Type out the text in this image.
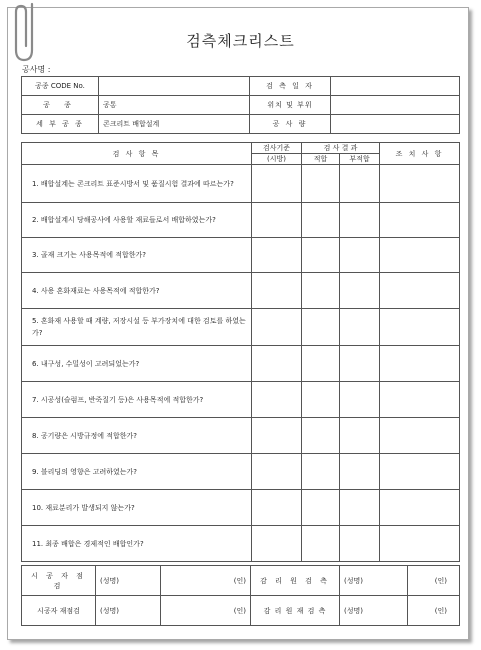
검측체크리스트
공사명 :
공종 CODE No.		검 측 일 자	
공 종	공통	위치 및 부위	
세 부 공 종	콘크리트 배합설계	공 사 량	
검 사 항 목	검사기준	검 사 결 과		조 치 사 항
	(시방)	적합	부적합	
1. 배합설계는 콘크리트 표준시방서 및 품질시험 결과에 따르는가?				
2. 배합설계시 당해공사에 사용할 재료들로서 배합하였는가?				
3. 골재 크기는 사용목적에 적합한가?				
4. 사용 혼화재료는 사용목적에 적합한가?				
5. 혼화재 사용할 때 계량, 저장시설 등 부가장치에 대한 검토를 하였는가?				
6. 내구성, 수밀성이 고려되었는가?				
7. 시공성(슬럼프, 반죽질기 등)은 사용목적에 적합한가?				
8. 공기량은 시방규정에 적합한가?				
9. 블리딩의 영향은 고려하였는가?				
10. 재료분리가 발생되지 않는가?				
11. 최종 배합은 경제적인 배합인가?				
시 공 자 점 검	(성명)	(인)	감 리 원 검 측	(성명)	(인)
시공자 재점검	(성명)	(인)	감 리 원 재 검 측	(성명)	(인)
